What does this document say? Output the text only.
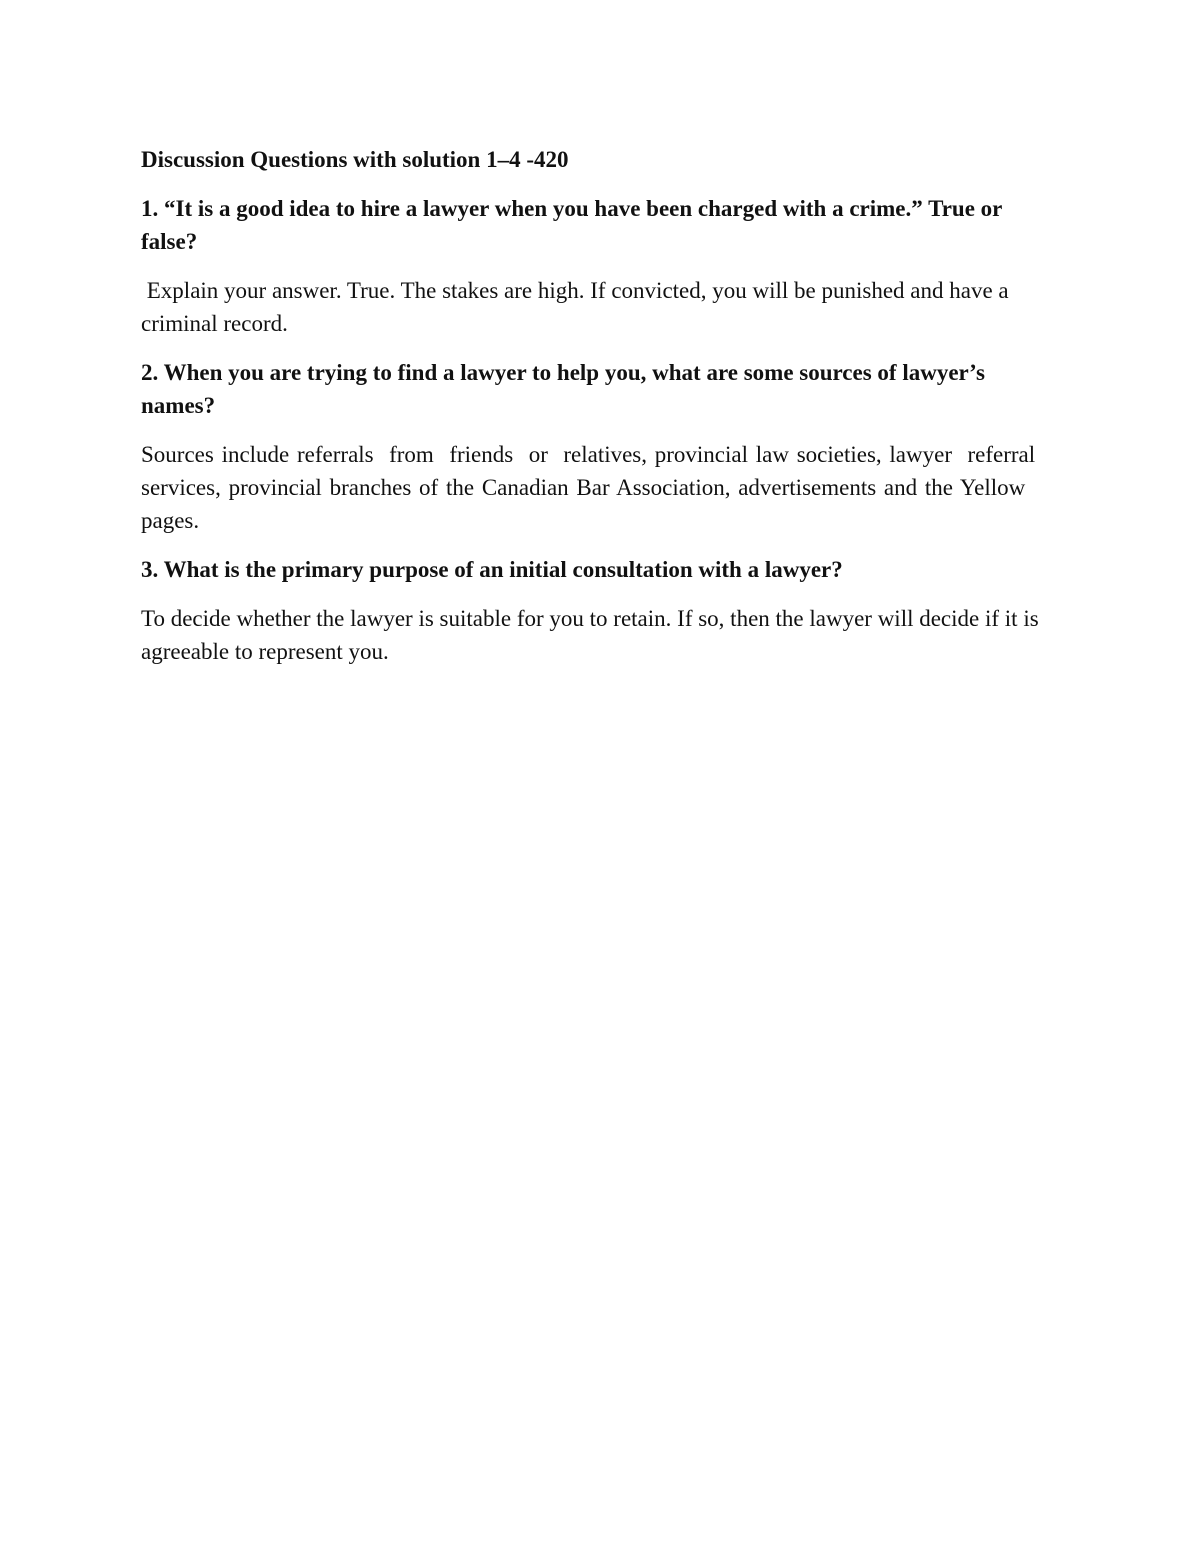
Discussion Questions with solution 1–4 -420

1. “It is a good idea to hire a lawyer when you have been charged with a crime.” True or false?

Explain your answer. True. The stakes are high. If convicted, you will be punished and have a criminal record.

2. When you are trying to find a lawyer to help you, what are some sources of lawyer’s names?

Sources include referrals  from  friends  or  relatives, provincial law societies, lawyer  referral services, provincial branches of the Canadian Bar Association, advertisements and the Yellow pages.

3. What is the primary purpose of an initial consultation with a lawyer?

To decide whether the lawyer is suitable for you to retain. If so, then the lawyer will decide if it is agreeable to represent you.
